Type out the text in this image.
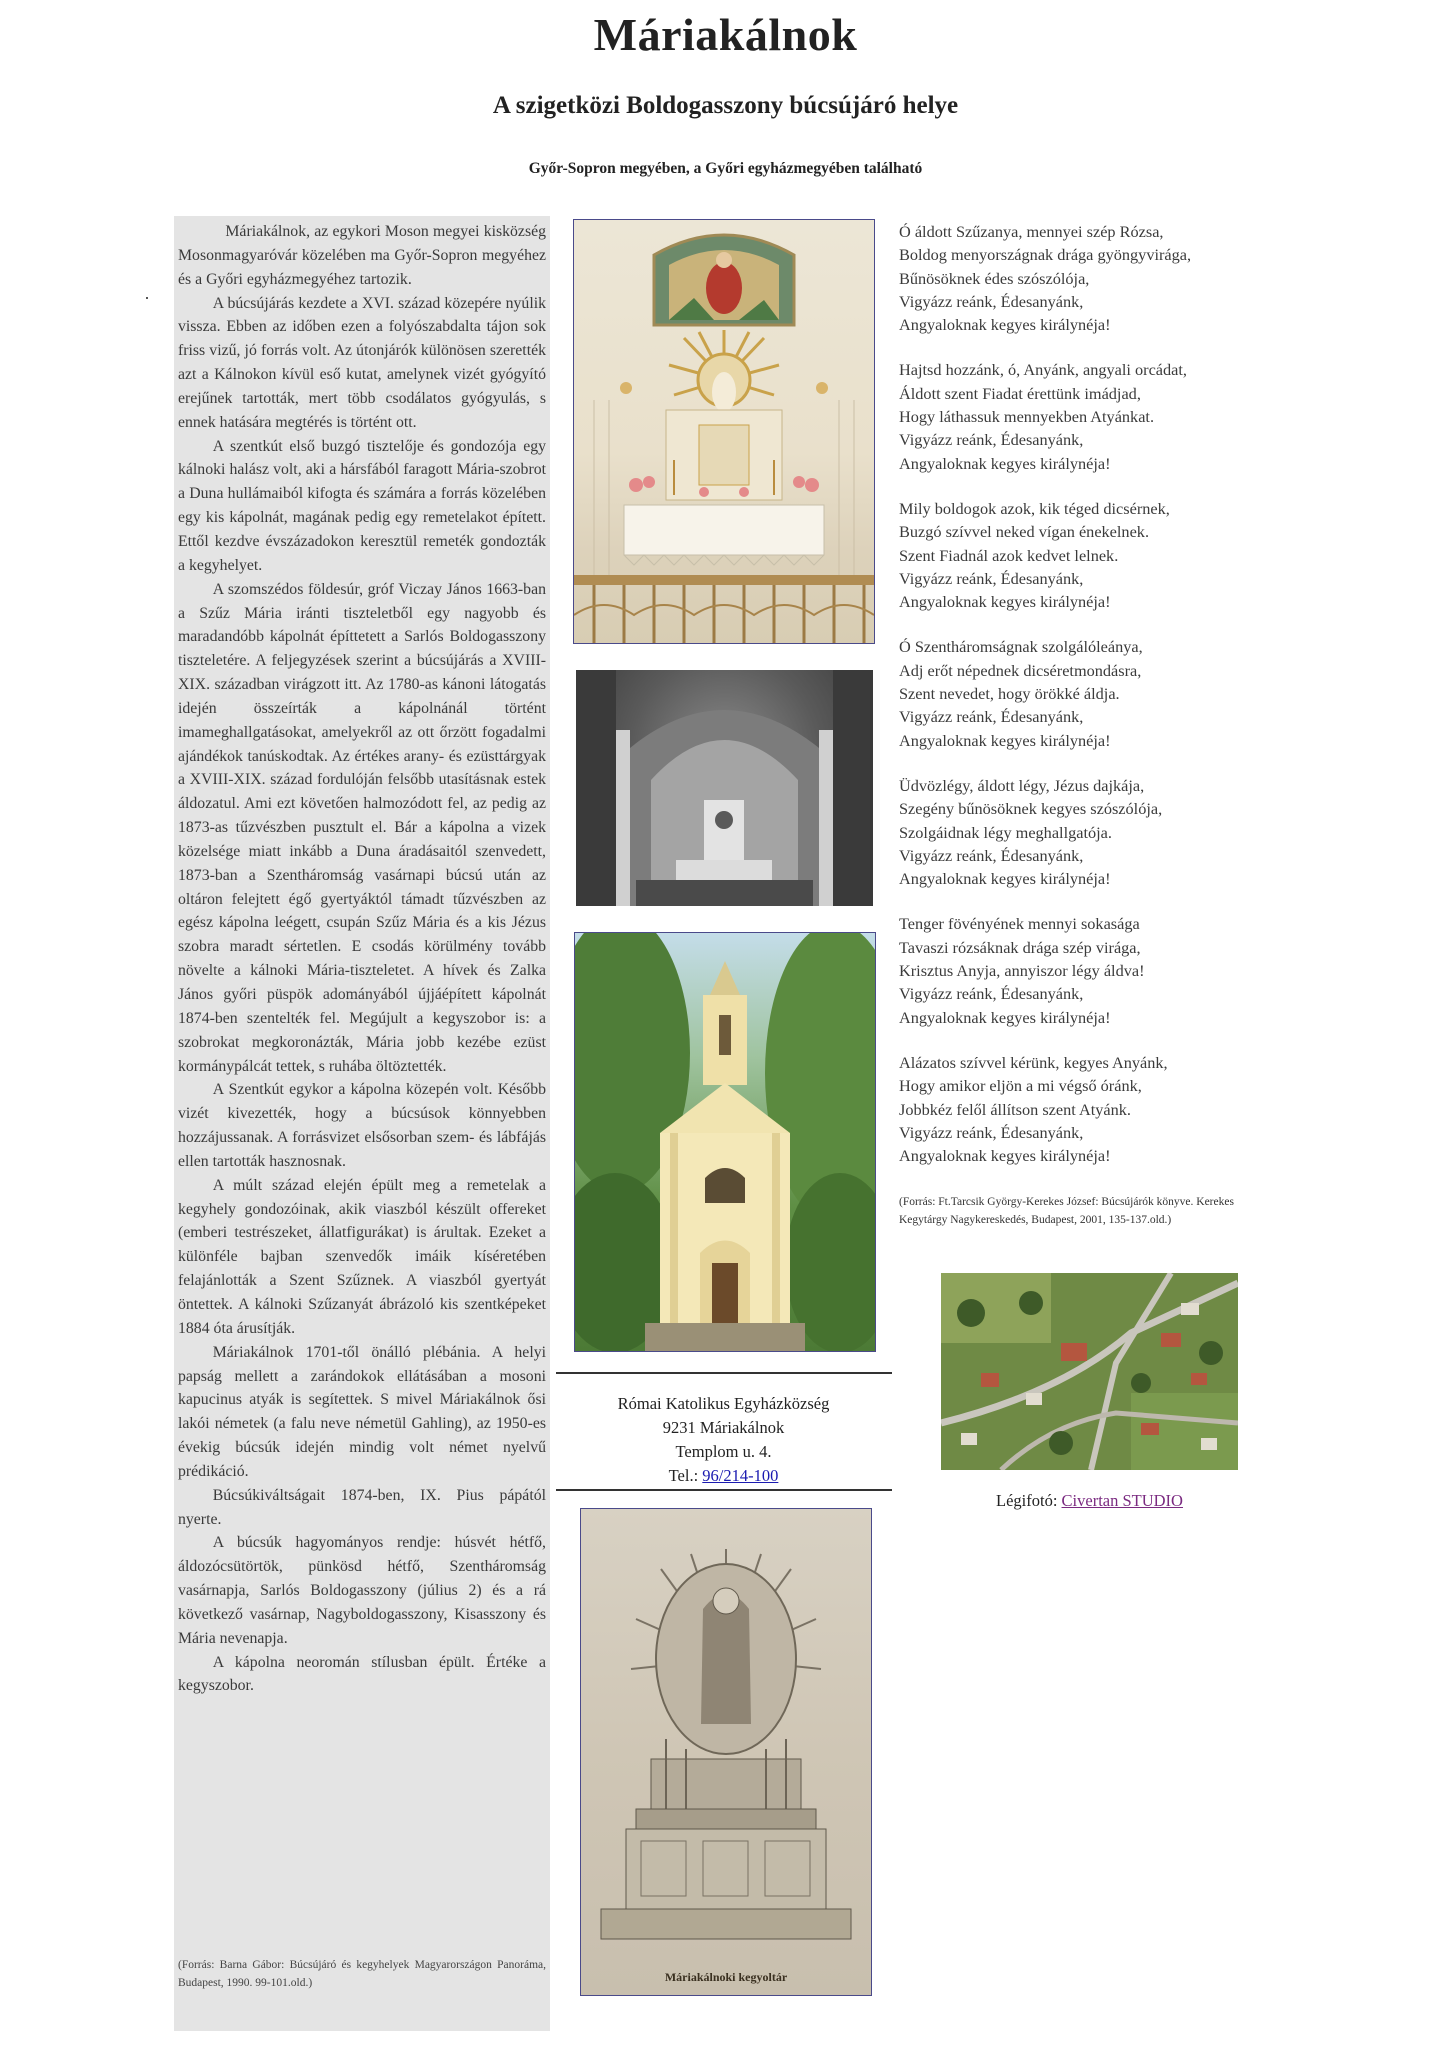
Máriakálnok
A szigetközi Boldogasszony búcsújáró helye
Győr-Sopron megyében, a Győri egyházmegyében található

Máriakálnok, az egykori Moson megyei kisközség Mosonmagyaróvár közelében ma Győr-Sopron megyéhez és a Győri egyházmegyéhez tartozik.

A búcsújárás kezdete a XVI. század közepére nyúlik vissza. Ebben az időben ezen a folyószabdalta tájon sok friss vizű, jó forrás volt. Az útonjárók különösen szerették azt a Kálnokon kívül eső kutat, amelynek vizét gyógyító erejűnek tartották, mert több csodálatos gyógyulás, s ennek hatására megtérés is történt ott.

A szentkút első buzgó tisztelője és gondozója egy kálnoki halász volt, aki a hársfából faragott Mária-szobrot a Duna hullámaiból kifogta és számára a forrás közelében egy kis kápolnát, magának pedig egy remetelakot épített. Ettől kezdve évszázadokon keresztül remeték gondozták a kegyhelyet.

A szomszédos földesúr, gróf Viczay János 1663-ban a Szűz Mária iránti tiszteletből egy nagyobb és maradandóbb kápolnát építtetett a Sarlós Boldogasszony tiszteletére. A feljegyzések szerint a búcsújárás a XVIII-XIX. században virágzott itt. Az 1780-as kánoni látogatás idején összeírták a kápolnánál történt imameghallgatásokat, amelyekről az ott őrzött fogadalmi ajándékok tanúskodtak. Az értékes arany- és ezüsttárgyak a XVIII-XIX. század fordulóján felsőbb utasításnak estek áldozatul. Ami ezt követően halmozódott fel, az pedig az 1873-as tűzvészben pusztult el. Bár a kápolna a vizek közelsége miatt inkább a Duna áradásaitól szenvedett, 1873-ban a Szentháromság vasárnapi búcsú után az oltáron felejtett égő gyertyáktól támadt tűzvészben az egész kápolna leégett, csupán Szűz Mária és a kis Jézus szobra maradt sértetlen. E csodás körülmény tovább növelte a kálnoki Mária-tiszteletet. A hívek és Zalka János győri püspök adományából újjáépített kápolnát 1874-ben szentelték fel. Megújult a kegyszobor is: a szobrokat megkoronázták, Mária jobb kezébe ezüst kormánypálcát tettek, s ruhába öltöztették.

A Szentkút egykor a kápolna közepén volt. Később vizét kivezették, hogy a búcsúsok könnyebben hozzájussanak. A forrásvizet elsősorban szem- és lábfájás ellen tartották hasznosnak.

A múlt század elején épült meg a remetelak a kegyhely gondozóinak, akik viaszból készült offereket (emberi testrészeket, állatfigurákat) is árultak. Ezeket a különféle bajban szenvedők imáik kíséretében felajánlották a Szent Szűznek. A viaszból gyertyát öntettek. A kálnoki Szűzanyát ábrázoló kis szentképeket 1884 óta árusítják.

Máriakálnok 1701-től önálló plébánia. A helyi papság mellett a zarándokok ellátásában a mosoni kapucinus atyák is segítettek. S mivel Máriakálnok ősi lakói németek (a falu neve németül Gahling), az 1950-es évekig búcsúk idején mindig volt német nyelvű prédikáció.

Búcsúkiváltságait 1874-ben, IX. Pius pápától nyerte.

A búcsúk hagyományos rendje: húsvét hétfő, áldozócsütörtök, pünkösd hétfő, Szentháromság vasárnapja, Sarlós Boldogasszony (július 2) és a rá következő vasárnap, Nagyboldogasszony, Kisasszony és Mária nevenapja.

A kápolna neoromán stílusban épült. Értéke a kegyszobor.

(Forrás: Barna Gábor: Búcsújáró és kegyhelyek Magyarországon Panoráma, Budapest, 1990. 99-101.old.)
Római Katolikus Egyházközség
9231 Máriakálnok
Templom u. 4.
Tel.: 96/214-100
Máriakálnoki kegyoltár
Ó áldott Szűzanya, mennyei szép Rózsa,
Boldog menyországnak drága gyöngyvirága,
Bűnösöknek édes szószólója,
Vigyázz reánk, Édesanyánk,
Angyaloknak kegyes királynéja!
Hajtsd hozzánk, ó, Anyánk, angyali orcádat,
Áldott szent Fiadat érettünk imádjad,
Hogy láthassuk mennyekben Atyánkat.
Vigyázz reánk, Édesanyánk,
Angyaloknak kegyes királynéja!
Mily boldogok azok, kik téged dicsérnek,
Buzgó szívvel neked vígan énekelnek.
Szent Fiadnál azok kedvet lelnek.
Vigyázz reánk, Édesanyánk,
Angyaloknak kegyes királynéja!
Ó Szentháromságnak szolgálóleánya,
Adj erőt népednek dicséretmondásra,
Szent nevedet, hogy örökké áldja.
Vigyázz reánk, Édesanyánk,
Angyaloknak kegyes királynéja!
Üdvözlégy, áldott légy, Jézus dajkája,
Szegény bűnösöknek kegyes szószólója,
Szolgáidnak légy meghallgatója.
Vigyázz reánk, Édesanyánk,
Angyaloknak kegyes királynéja!
Tenger fövényének mennyi sokasága
Tavaszi rózsáknak drága szép virága,
Krisztus Anyja, annyiszor légy áldva!
Vigyázz reánk, Édesanyánk,
Angyaloknak kegyes királynéja!
Alázatos szívvel kérünk, kegyes Anyánk,
Hogy amikor eljön a mi végső óránk,
Jobbkéz felől állítson szent Atyánk.
Vigyázz reánk, Édesanyánk,
Angyaloknak kegyes királynéja!
(Forrás: Ft.Tarcsik György-Kerekes József: Búcsújárók könyve. Kerekes Kegytárgy Nagykereskedés, Budapest, 2001, 135-137.old.)
Légifotó: Civertan STUDIO
